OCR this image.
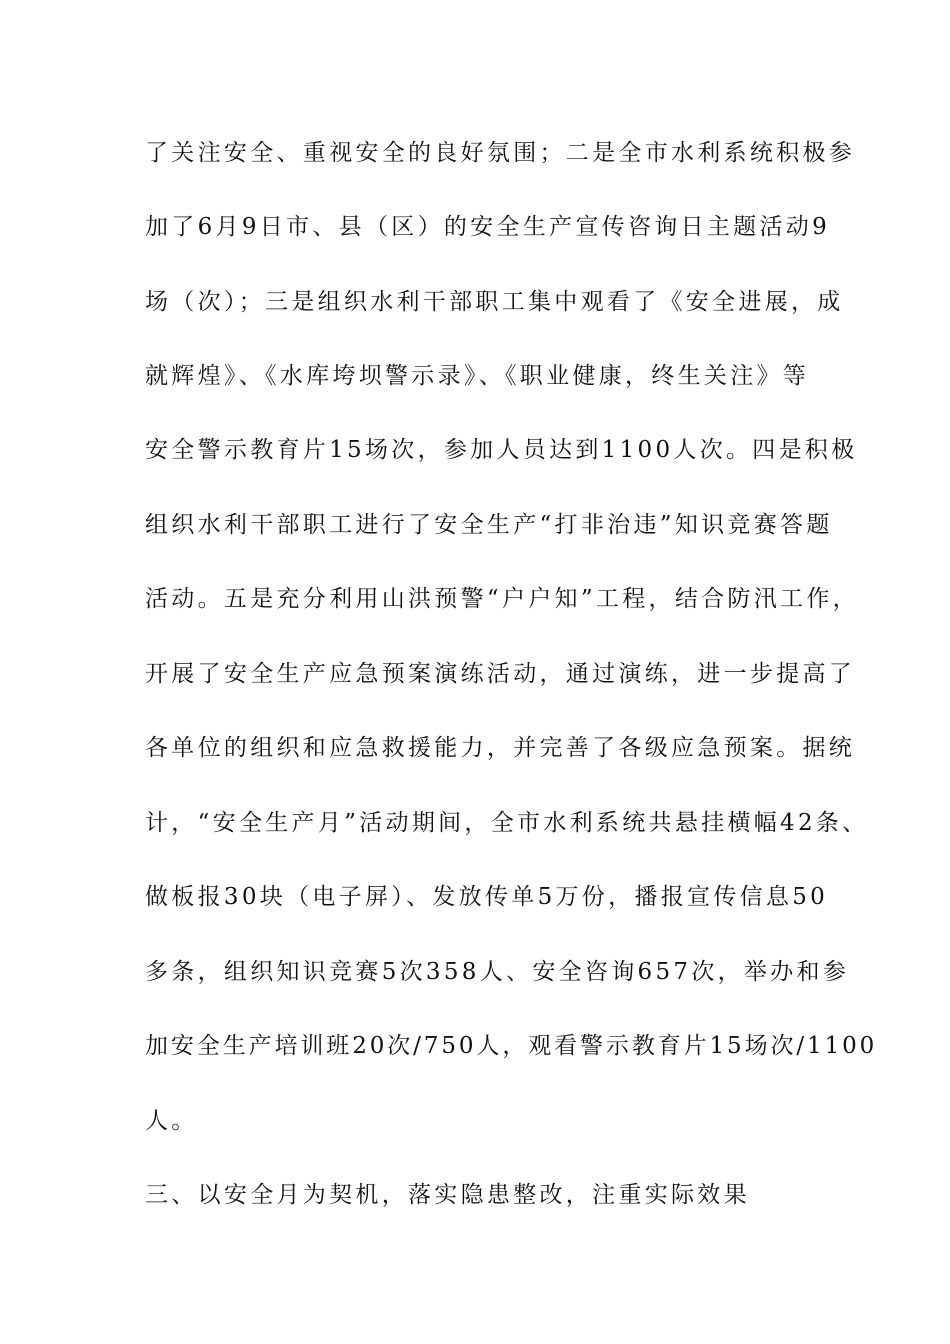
了关注安全、重视安全的良好氛围；二是全市水利系统积极参
加了6月9日市、县（区）的安全生产宣传咨询日主题活动9
场（次）；三是组织水利干部职工集中观看了《安全进展，成
就辉煌》、《水库垮坝警示录》、《职业健康，终生关注》等
安全警示教育片15场次，参加人员达到1100人次。四是积极
组织水利干部职工进行了安全生产“打非治违”知识竞赛答题
活动。五是充分利用山洪预警“户户知”工程，结合防汛工作，
开展了安全生产应急预案演练活动，通过演练，进一步提高了
各单位的组织和应急救援能力，并完善了各级应急预案。据统
计，“安全生产月”活动期间，全市水利系统共悬挂横幅42条、
做板报30块（电子屏）、发放传单5万份，播报宣传信息50
多条，组织知识竞赛5次358人、安全咨询657次，举办和参
加安全生产培训班20次/750人，观看警示教育片15场次/1100
人。
三、以安全月为契机，落实隐患整改，注重实际效果
